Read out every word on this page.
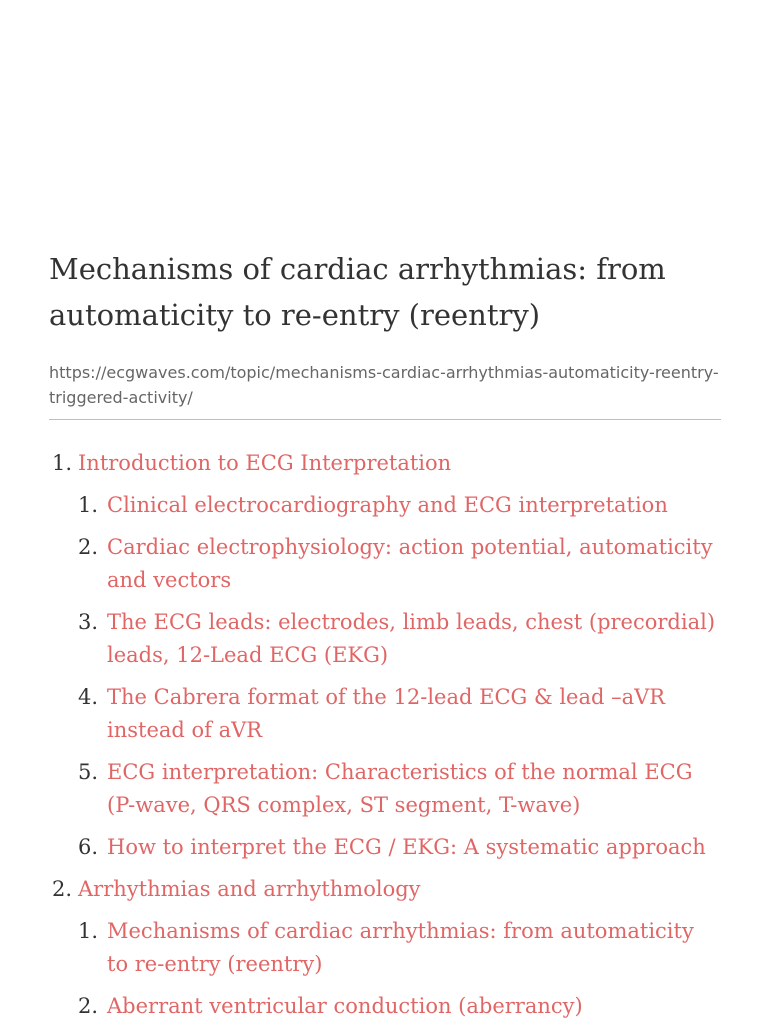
Mechanisms of cardiac arrhythmias: from automaticity to re-entry (reentry)
https://ecgwaves.com/topic/mechanisms-cardiac-arrhythmias-automaticity-reentry-triggered-activity/
1. Introduction to ECG Interpretation
1. Clinical electrocardiography and ECG interpretation
2. Cardiac electrophysiology: action potential, automaticity and vectors
3. The ECG leads: electrodes, limb leads, chest (precordial) leads, 12-Lead ECG (EKG)
4. The Cabrera format of the 12-lead ECG & lead –aVR instead of aVR
5. ECG interpretation: Characteristics of the normal ECG (P-wave, QRS complex, ST segment, T-wave)
6. How to interpret the ECG / EKG: A systematic approach
2. Arrhythmias and arrhythmology
1. Mechanisms of cardiac arrhythmias: from automaticity to re-entry (reentry)
2. Aberrant ventricular conduction (aberrancy)
